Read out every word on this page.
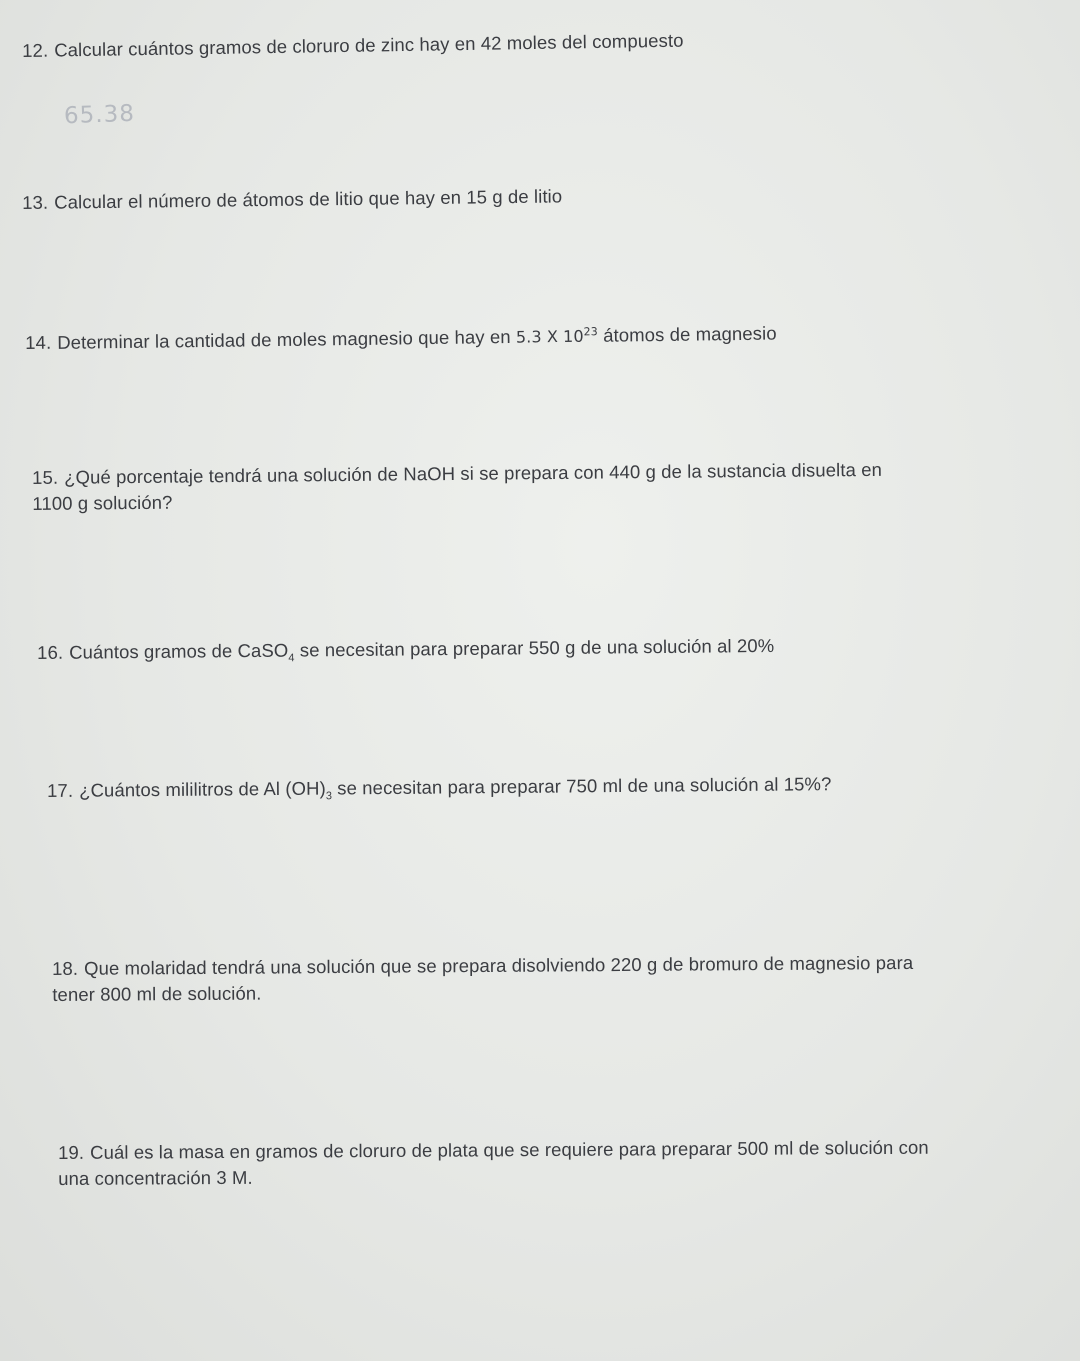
12. Calcular cuántos gramos de cloruro de zinc hay en 42 moles del compuesto
65.38
13. Calcular el número de átomos de litio que hay en 15 g de litio
14. Determinar la cantidad de moles magnesio que hay en 5.3 X $10^{23}$ átomos de magnesio
15. ¿Qué porcentaje tendrá una solución de NaOH si se prepara con 440 g de la sustancia disuelta en
1100 g solución?
16. Cuántos gramos de CaSO$_4$ se necesitan para preparar 550 g de una solución al 20%
17. ¿Cuántos mililitros de Al $(OH)_3$ se necesitan para preparar 750 ml de una solución al 15%?
18. Que molaridad tendrá una solución que se prepara disolviendo 220 g de bromuro de magnesio para
tener 800 ml de solución.
19. Cuál es la masa en gramos de cloruro de plata que se requiere para preparar 500 ml de solución con
una concentración 3 M.
